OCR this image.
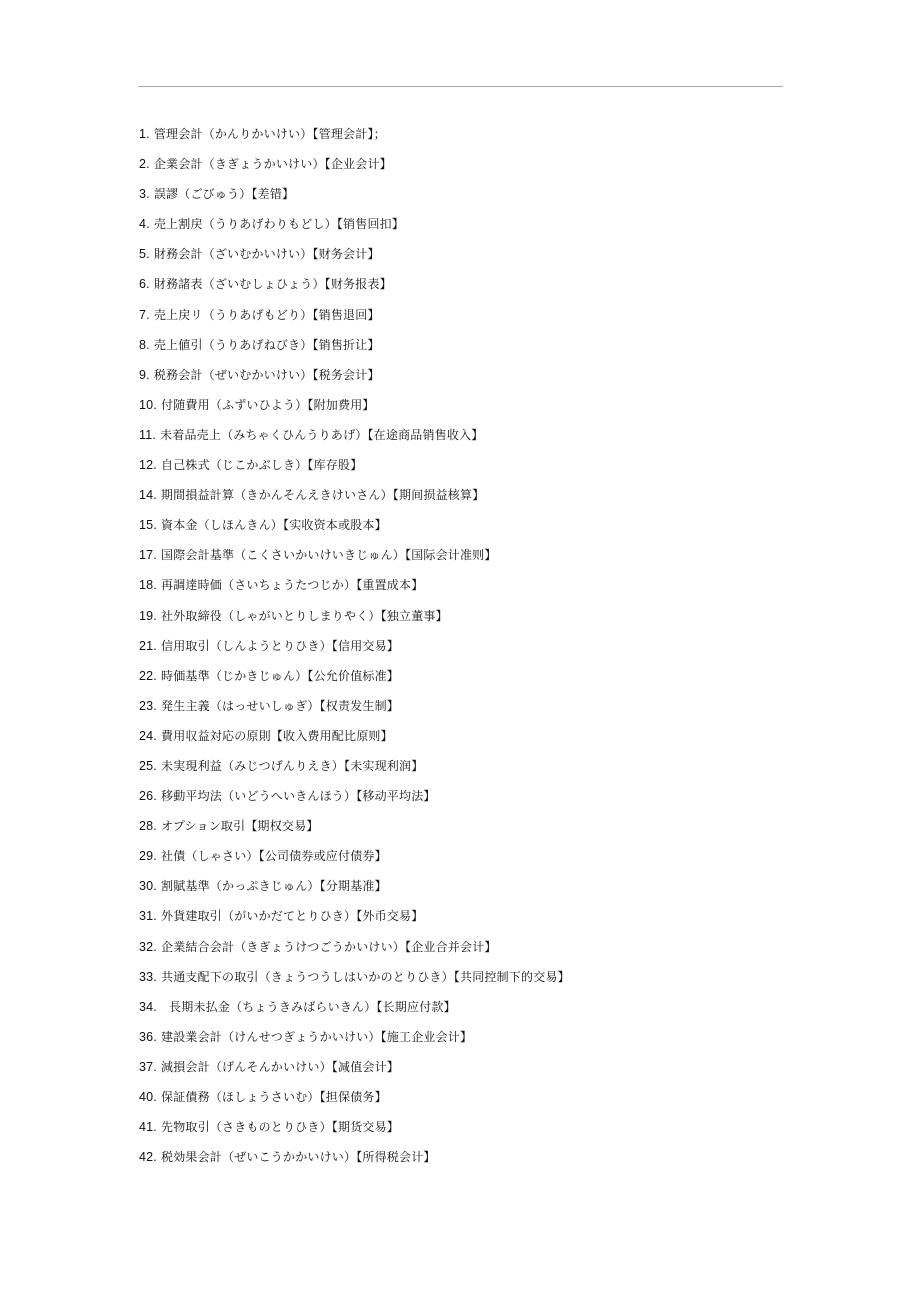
1. 管理会計（かんりかいけい）【管理会計】；
2. 企業会計（きぎょうかいけい）【企业会计】
3. 誤謬（ごびゅう）【差错】
4. 売上割戻（うりあげわりもどし）【销售回扣】
5. 財務会計（ざいむかいけい）【财务会计】
6. 財務諸表（ざいむしょひょう）【财务报表】
7. 売上戻リ（うりあげもどり）【销售退回】
8. 売上値引（うりあげねびき）【销售折让】
9. 税務会計（ぜいむかいけい）【税务会计】
10. 付随費用（ふずいひよう）【附加费用】
11. 未着品売上（みちゃくひんうりあげ）【在途商品销售收入】
12. 自己株式（じこかぶしき）【库存股】
14. 期間損益計算（きかんそんえきけいさん）【期间损益核算】
15. 資本金（しほんきん）【实收资本或股本】
17. 国際会計基準（こくさいかいけいきじゅん）【国际会计准则】
18. 再調達時価（さいちょうたつじか）【重置成本】
19. 社外取締役（しゃがいとりしまりやく）【独立董事】
21. 信用取引（しんようとりひき）【信用交易】
22. 時価基準（じかきじゅん）【公允价值标准】
23. 発生主義（はっせいしゅぎ）【权责发生制】
24. 費用収益対応の原則【收入费用配比原则】
25. 未実現利益（みじつげんりえき）【未实现利润】
26. 移動平均法（いどうへいきんほう）【移动平均法】
28. オプション取引【期权交易】
29. 社債（しゃさい）【公司债券或应付债券】
30. 割賦基準（かっぷきじゅん）【分期基准】
31. 外貨建取引（がいかだてとりひき）【外币交易】
32. 企業結合会計（きぎょうけつごうかいけい）【企业合并会计】
33. 共通支配下の取引（きょうつうしはいかのとりひき）【共同控制下的交易】
34.   長期未払金（ちょうきみばらいきん）【长期应付款】
36. 建設業会計（けんせつぎょうかいけい）【施工企业会计】
37. 減損会計（げんそんかいけい）【减值会计】
40. 保証債務（ほしょうさいむ）【担保债务】
41. 先物取引（さきものとりひき）【期货交易】
42. 税効果会計（ぜいこうかかいけい）【所得税会计】
